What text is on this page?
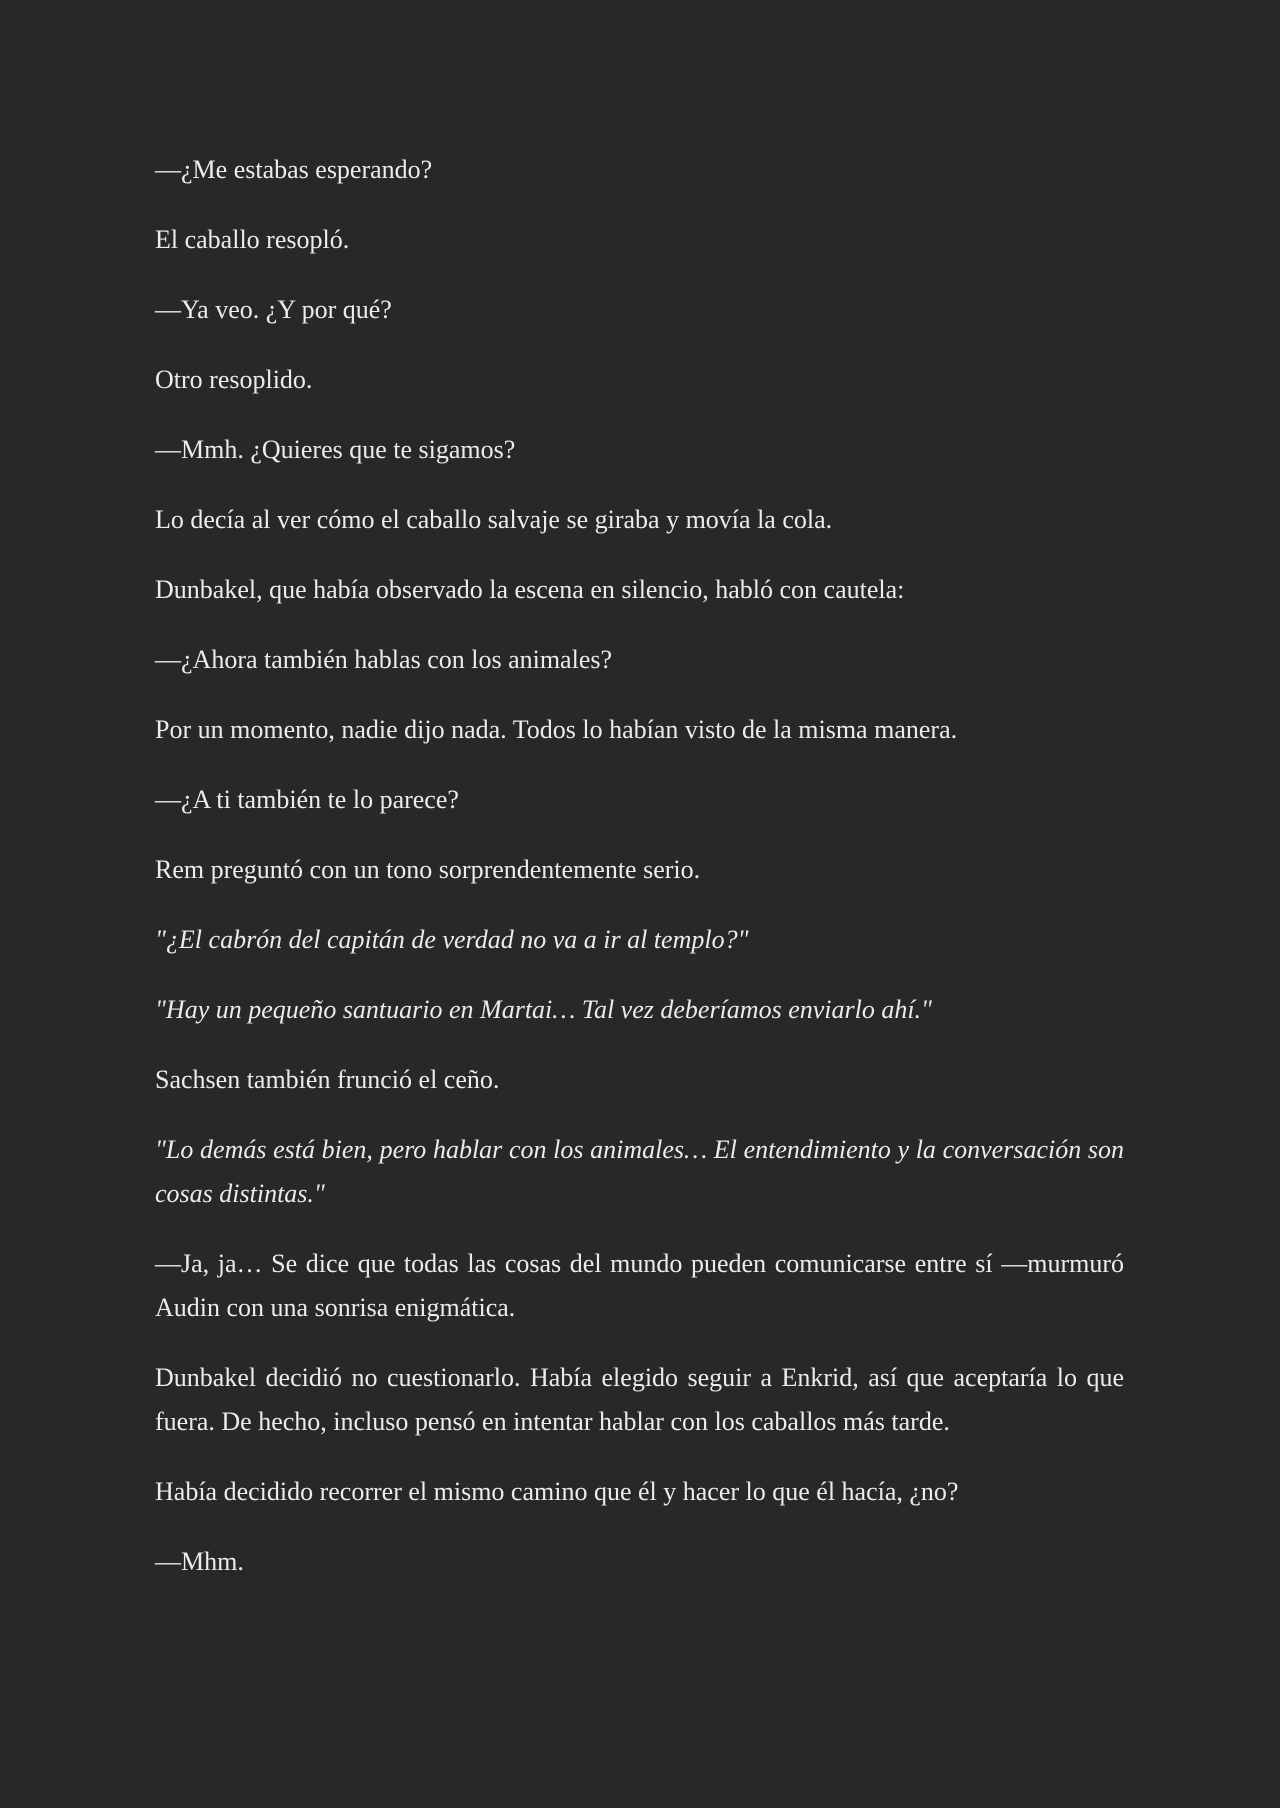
—¿Me estabas esperando?

El caballo resopló.

—Ya veo. ¿Y por qué?

Otro resoplido.

—Mmh. ¿Quieres que te sigamos?

Lo decía al ver cómo el caballo salvaje se giraba y movía la cola.

Dunbakel, que había observado la escena en silencio, habló con cautela:

—¿Ahora también hablas con los animales?

Por un momento, nadie dijo nada. Todos lo habían visto de la misma manera.

—¿A ti también te lo parece?

Rem preguntó con un tono sorprendentemente serio.

"¿El cabrón del capitán de verdad no va a ir al templo?"

"Hay un pequeño santuario en Martai… Tal vez deberíamos enviarlo ahí."

Sachsen también frunció el ceño.

"Lo demás está bien, pero hablar con los animales… El entendimiento y la conversación son cosas distintas."

—Ja, ja… Se dice que todas las cosas del mundo pueden comunicarse entre sí —murmuró Audin con una sonrisa enigmática.

Dunbakel decidió no cuestionarlo. Había elegido seguir a Enkrid, así que aceptaría lo que fuera. De hecho, incluso pensó en intentar hablar con los caballos más tarde.

Había decidido recorrer el mismo camino que él y hacer lo que él hacía, ¿no?

—Mhm.
